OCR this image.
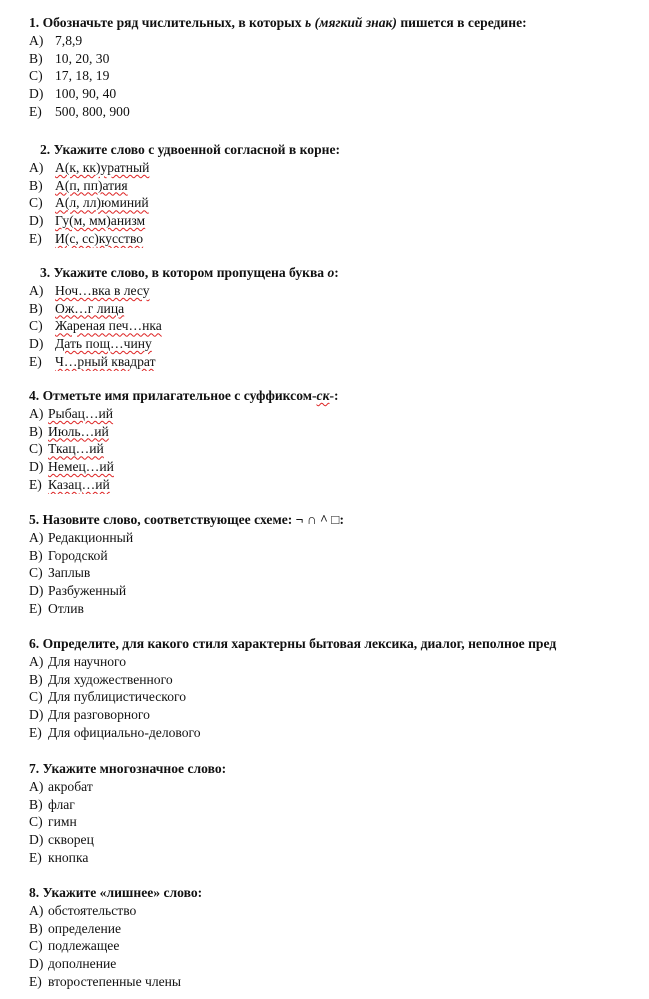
1. Обозначьте ряд числительных, в которых ь (мягкий знак) пишется в середине:
A) 7,8,9
B) 10, 20, 30
C) 17, 18, 19
D) 100, 90, 40
E) 500, 800, 900
2. Укажите слово с удвоенной согласной в корне:
A) А(к, кк)уратный
B) А(п, пп)атия
C) А(л, лл)юминий
D) Гу(м, мм)анизм
E) И(с, сс)кусство
3. Укажите слово, в котором пропущена буква о:
A) Ноч…вка в лесу
B) Ож…г лица
C) Жареная печ…нка
D) Дать пощ…чину
E) Ч…рный квадрат
4. Отметьте имя прилагательное с суффиксом-ск-:
A) Рыбац…ий
B) Июль…ий
C) Ткац…ий
D) Немец…ий
E) Казац…ий
5. Назовите слово, соответствующее схеме: ¬ ∩ ^ □:
A) Редакционный
B) Городской
C) Заплыв
D) Разбуженный
E) Отлив
6. Определите, для какого стиля характерны бытовая лексика, диалог, неполное пред
A) Для научного
B) Для художественного
C) Для публицистического
D) Для разговорного
E) Для официально-делового
7. Укажите многозначное слово:
A) акробат
B) флаг
C) гимн
D) скворец
E) кнопка
8. Укажите «лишнее» слово:
A) обстоятельство
B) определение
C) подлежащее
D) дополнение
E) второстепенные члены
